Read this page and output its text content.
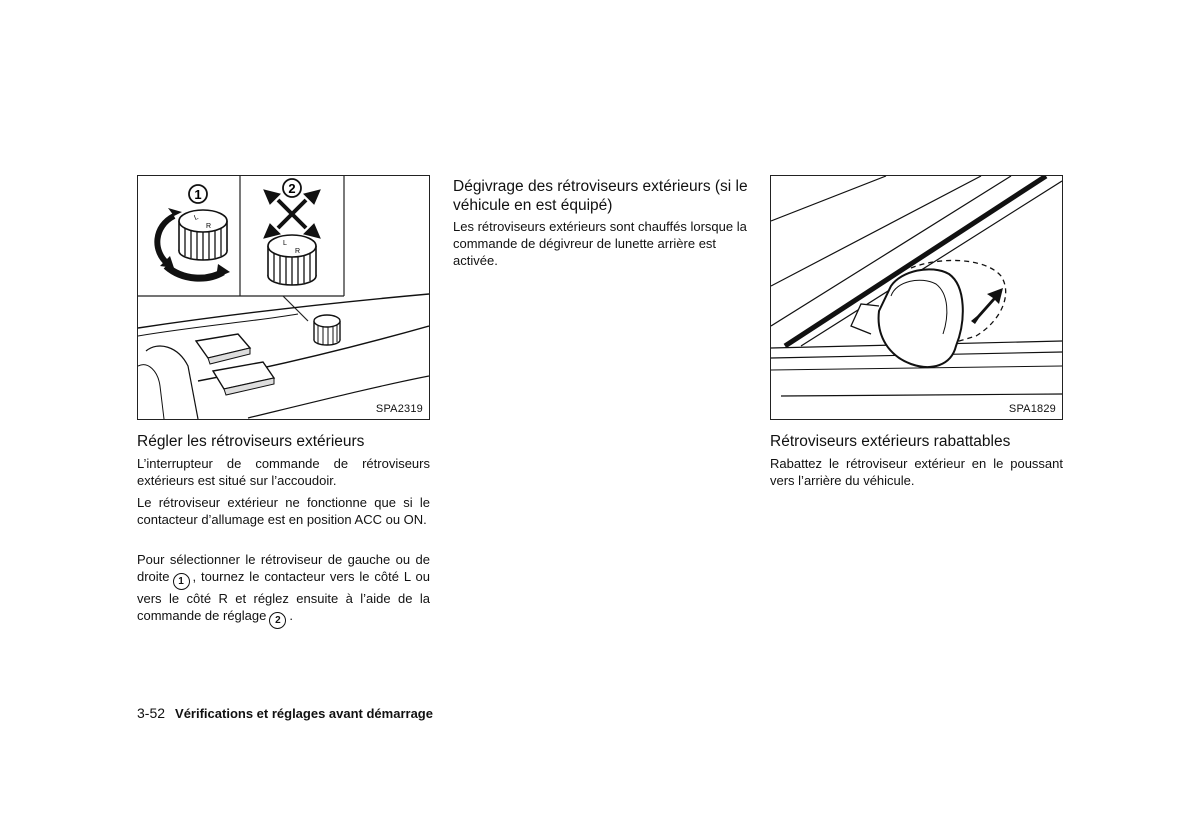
L
R
1
L
R
2
SPA2319	SPA1829
Régler les rétroviseurs extérieurs

L’interrupteur de commande de rétroviseurs extérieurs est situé sur l’accoudoir.

Le rétroviseur extérieur ne fonctionne que si le contacteur d’allumage est en position ACC ou ON.

Pour sélectionner le rétroviseur de gauche ou de droite 1 , tournez le contacteur vers le côté L ou vers le côté R et réglez ensuite à l’aide de la commande de réglage 2 .

Dégivrage des rétroviseurs extérieurs (si le véhicule en est équipé)

Les rétroviseurs extérieurs sont chauffés lorsque la commande de dégivreur de lunette arrière est activée.

Rétroviseurs extérieurs rabattables

Rabattez le rétroviseur extérieur en le poussant vers l’arrière du véhicule.

3-52 Vérifications et réglages avant démarrage
